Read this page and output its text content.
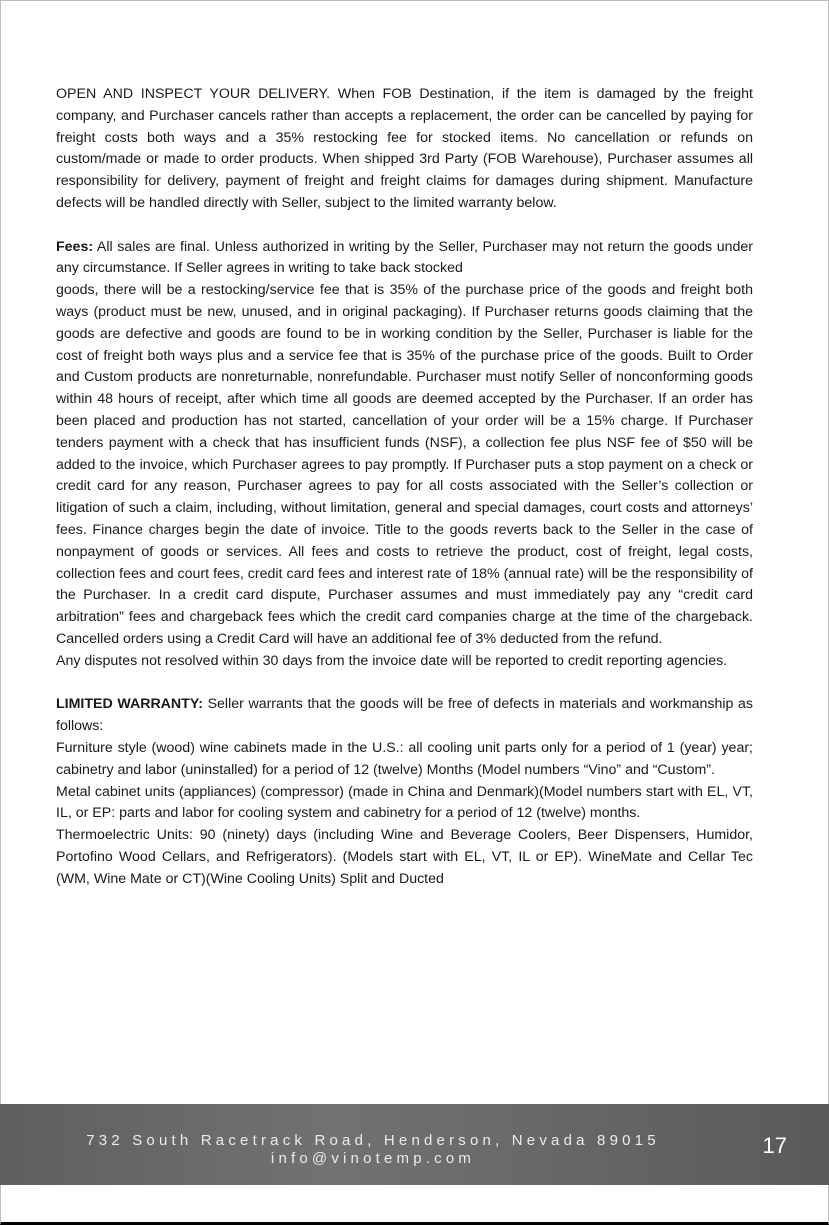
OPEN AND INSPECT YOUR DELIVERY. When FOB Destination, if the item is damaged by the freight company, and Purchaser cancels rather than accepts a replacement, the order can be cancelled by paying for freight costs both ways and a 35% restocking fee for stocked items. No cancellation or refunds on custom/made or made to order products. When shipped 3rd Party (FOB Warehouse), Purchaser assumes all responsibility for delivery, payment of freight and freight claims for damages during shipment. Manufacture defects will be handled directly with Seller, subject to the limited warranty below.

Fees: All sales are final. Unless authorized in writing by the Seller, Purchaser may not return the goods under any circumstance. If Seller agrees in writing to take back stocked

goods, there will be a restocking/service fee that is 35% of the purchase price of the goods and freight both ways (product must be new, unused, and in original packaging). If Purchaser returns goods claiming that the goods are defective and goods are found to be in working condition by the Seller, Purchaser is liable for the cost of freight both ways plus and a service fee that is 35% of the purchase price of the goods. Built to Order and Custom products are nonreturnable, nonrefundable. Purchaser must notify Seller of nonconforming goods within 48 hours of receipt, after which time all goods are deemed accepted by the Purchaser. If an order has been placed and production has not started, cancellation of your order will be a 15% charge. If Purchaser tenders payment with a check that has insufficient funds (NSF), a collection fee plus NSF fee of $50 will be added to the invoice, which Purchaser agrees to pay promptly. If Purchaser puts a stop payment on a check or credit card for any reason, Purchaser agrees to pay for all costs associated with the Seller’s collection or litigation of such a claim, including, without limitation, general and special damages, court costs and attorneys’ fees. Finance charges begin the date of invoice. Title to the goods reverts back to the Seller in the case of nonpayment of goods or services. All fees and costs to retrieve the product, cost of freight, legal costs, collection fees and court fees, credit card fees and interest rate of 18% (annual rate) will be the responsibility of the Purchaser. In a credit card dispute, Purchaser assumes and must immediately pay any “credit card arbitration” fees and chargeback fees which the credit card companies charge at the time of the chargeback. Cancelled orders using a Credit Card will have an additional fee of 3% deducted from the refund.

Any disputes not resolved within 30 days from the invoice date will be reported to credit reporting agencies.

LIMITED WARRANTY: Seller warrants that the goods will be free of defects in materials and workmanship as follows:

Furniture style (wood) wine cabinets made in the U.S.: all cooling unit parts only for a period of 1 (year) year; cabinetry and labor (uninstalled) for a period of 12 (twelve) Months (Model numbers “Vino” and “Custom”.

Metal cabinet units (appliances) (compressor) (made in China and Denmark)(Model numbers start with EL, VT, IL, or EP: parts and labor for cooling system and cabinetry for a period of 12 (twelve) months.

Thermoelectric Units: 90 (ninety) days (including Wine and Beverage Coolers, Beer Dispensers, Humidor, Portofino Wood Cellars, and Refrigerators). (Models start with EL, VT, IL or EP). WineMate and Cellar Tec (WM, Wine Mate or CT)(Wine Cooling Units) Split and Ducted

732 South Racetrack Road, Henderson, Nevada 89015
info@vinotemp.com
17
